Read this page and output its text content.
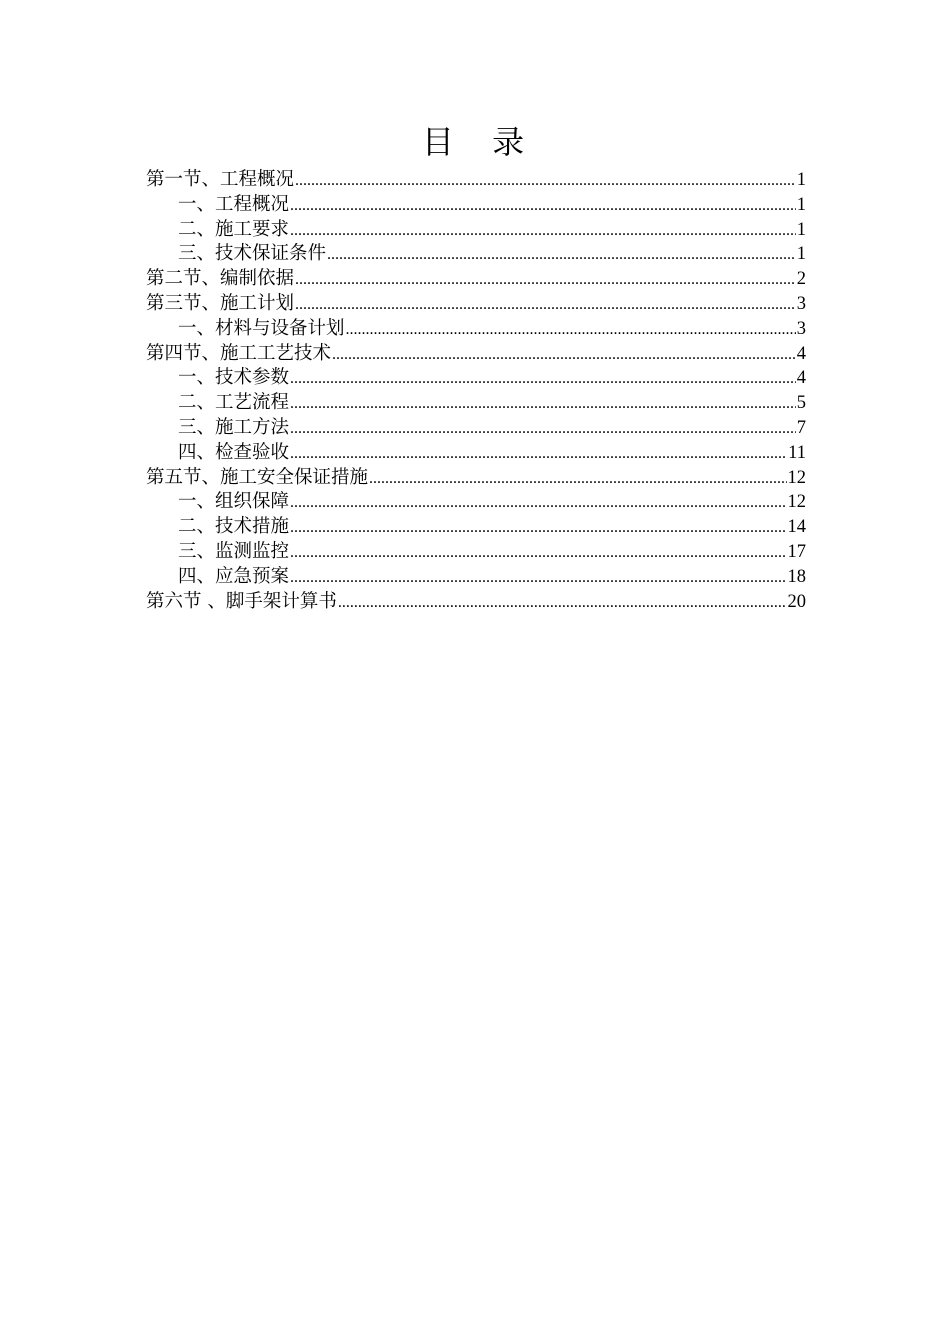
目 录
第一节、工程概况 .....	1
一、工程概况 .....	1
二、施工要求 .....	1
三、技术保证条件 .....	1
第二节、编制依据 .....	2
第三节、施工计划 .....	3
一、材料与设备计划 .....	3
第四节、施工工艺技术 .....	4
一、技术参数 .....	4
二、工艺流程 .....	5
三、施工方法 .....	7
四、检查验收 .....	11
第五节、施工安全保证措施 .....	12
一、组织保障 .....	12
二、技术措施 .....	14
三、监测监控 .....	17
四、应急预案 .....	18
第六节 、脚手架计算书 .....	20
